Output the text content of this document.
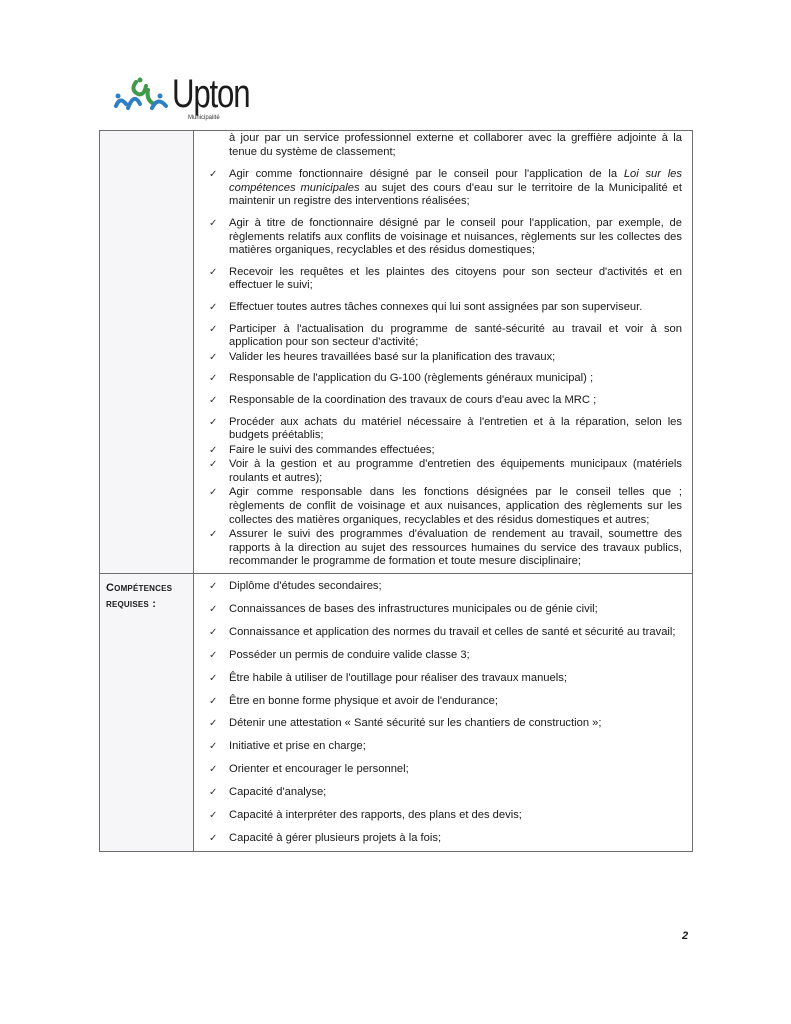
Upton
Municipalité

à jour par un service professionnel externe et collaborer avec la greffière adjointe à la tenue du système de classement;
✓ Agir comme fonctionnaire désigné par le conseil pour l'application de la Loi sur les compétences municipales au sujet des cours d'eau sur le territoire de la Municipalité et maintenir un registre des interventions réalisées;
✓ Agir à titre de fonctionnaire désigné par le conseil pour l'application, par exemple, de règlements relatifs aux conflits de voisinage et nuisances, règlements sur les collectes des matières organiques, recyclables et des résidus domestiques;
✓ Recevoir les requêtes et les plaintes des citoyens pour son secteur d'activités et en effectuer le suivi;
✓ Effectuer toutes autres tâches connexes qui lui sont assignées par son superviseur.
✓ Participer à l'actualisation du programme de santé-sécurité au travail et voir à son application pour son secteur d'activité;
✓ Valider les heures travaillées basé sur la planification des travaux;
✓ Responsable de l'application du G-100 (règlements généraux municipal) ;
✓ Responsable de la coordination des travaux de cours d'eau avec la MRC ;
✓ Procéder aux achats du matériel nécessaire à l'entretien et à la réparation, selon les budgets préétablis;
✓ Faire le suivi des commandes effectuées;
✓ Voir à la gestion et au programme d'entretien des équipements municipaux (matériels roulants et autres);
✓ Agir comme responsable dans les fonctions désignées par le conseil telles que ; règlements de conflit de voisinage et aux nuisances, application des règlements sur les collectes des matières organiques, recyclables et des résidus domestiques et autres;
✓ Assurer le suivi des programmes d'évaluation de rendement au travail, soumettre des rapports à la direction au sujet des ressources humaines du service des travaux publics, recommander le programme de formation et toute mesure disciplinaire;

Compétences requises :

✓ Diplôme d'études secondaires;
✓ Connaissances de bases des infrastructures municipales ou de génie civil;
✓ Connaissance et application des normes du travail et celles de santé et sécurité au travail;
✓ Posséder un permis de conduire valide classe 3;
✓ Être habile à utiliser de l'outillage pour réaliser des travaux manuels;
✓ Être en bonne forme physique et avoir de l'endurance;
✓ Détenir une attestation « Santé sécurité sur les chantiers de construction »;
✓ Initiative et prise en charge;
✓ Orienter et encourager le personnel;
✓ Capacité d'analyse;
✓ Capacité à interpréter des rapports, des plans et des devis;
✓ Capacité à gérer plusieurs projets à la fois;
2
